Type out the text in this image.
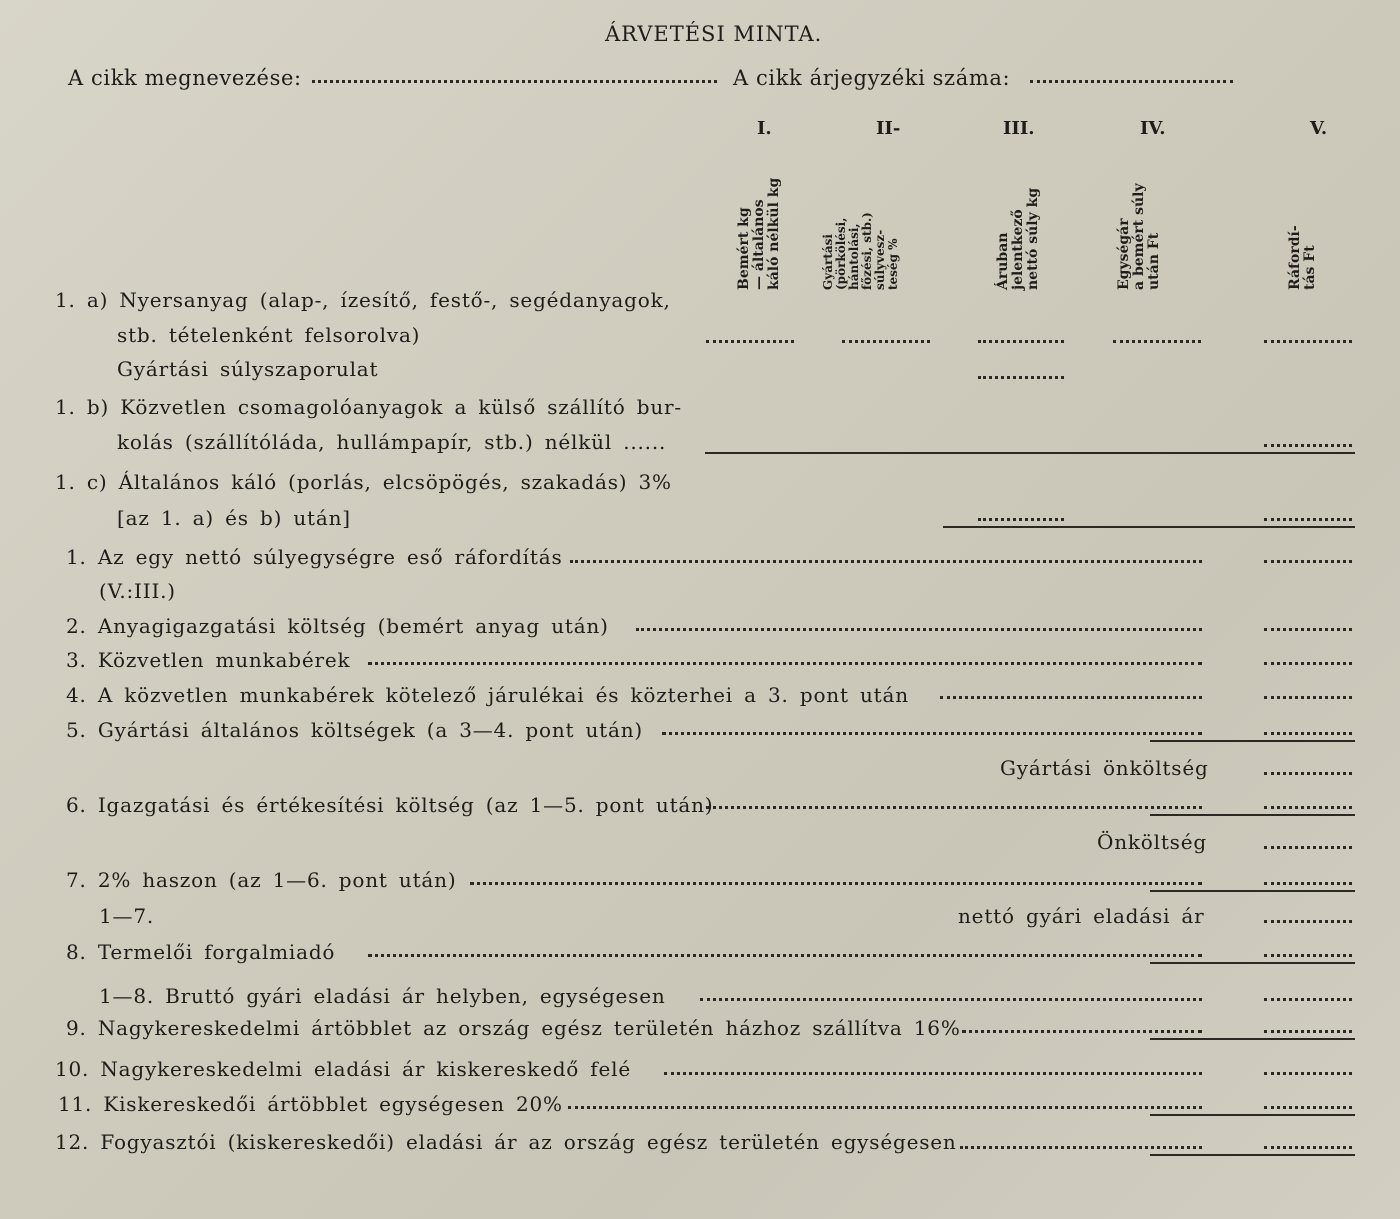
ÁRVETÉSI MINTA.
A cikk megnevezése:	A cikk árjegyzéki száma:
I.	II-	III.	IV.	V.
Bemért kg — általános káló nélkül kg	Gyártási (pörkölési, hántolási, főzési, stb.) súlyvesz- teség %	Áruban jelentkező nettó súly kg	Egységár a bemért súly után Ft	Ráfordí- tás Ft
1. a) Nyersanyag (alap-, ízesítő, festő-, segédanyagok,
stb. tételenként felsorolva)
Gyártási súlyszaporulat
1. b) Közvetlen csomagolóanyagok a külső szállító bur-
kolás (szállítóláda, hullámpapír, stb.) nélkül ......
1. c) Általános káló (porlás, elcsöpögés, szakadás) 3%
[az 1. a) és b) után]
1. Az egy nettó súlyegységre eső ráfordítás
(V.:III.)
2. Anyagigazgatási költség (bemért anyag után)
3. Közvetlen munkabérek
4. A közvetlen munkabérek kötelező járulékai és közterhei a 3. pont után
5. Gyártási általános költségek (a 3—4. pont után)
Gyártási önköltség
6. Igazgatási és értékesítési költség (az 1—5. pont után)
Önköltség
7. 2% haszon (az 1—6. pont után)
1—7.	nettó gyári eladási ár
8. Termelői forgalmiadó
1—8. Bruttó gyári eladási ár helyben, egységesen
9. Nagykereskedelmi ártöbblet az ország egész területén házhoz szállítva 16%
10. Nagykereskedelmi eladási ár kiskereskedő felé
11. Kiskereskedői ártöbblet egységesen 20%
12. Fogyasztói (kiskereskedői) eladási ár az ország egész területén egységesen
